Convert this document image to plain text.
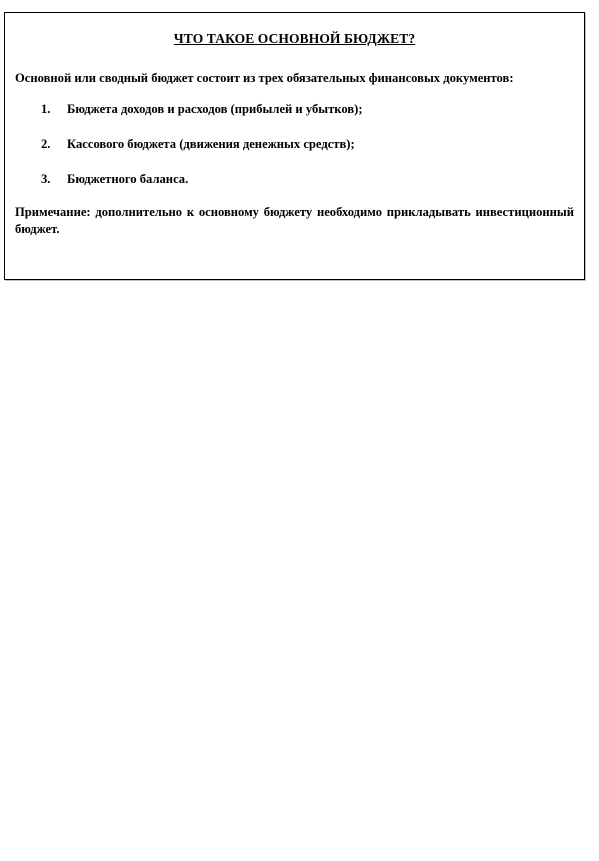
ЧТО ТАКОЕ ОСНОВНОЙ БЮДЖЕТ?
Основной или сводный бюджет состоит из трех обязательных финансовых документов:
1.	Бюджета доходов и расходов (прибылей и убытков);
2.	Кассового бюджета (движения денежных средств);
3.	Бюджетного баланса.
Примечание: дополнительно к основному бюджету необходимо прикладывать инвестиционный бюджет.
